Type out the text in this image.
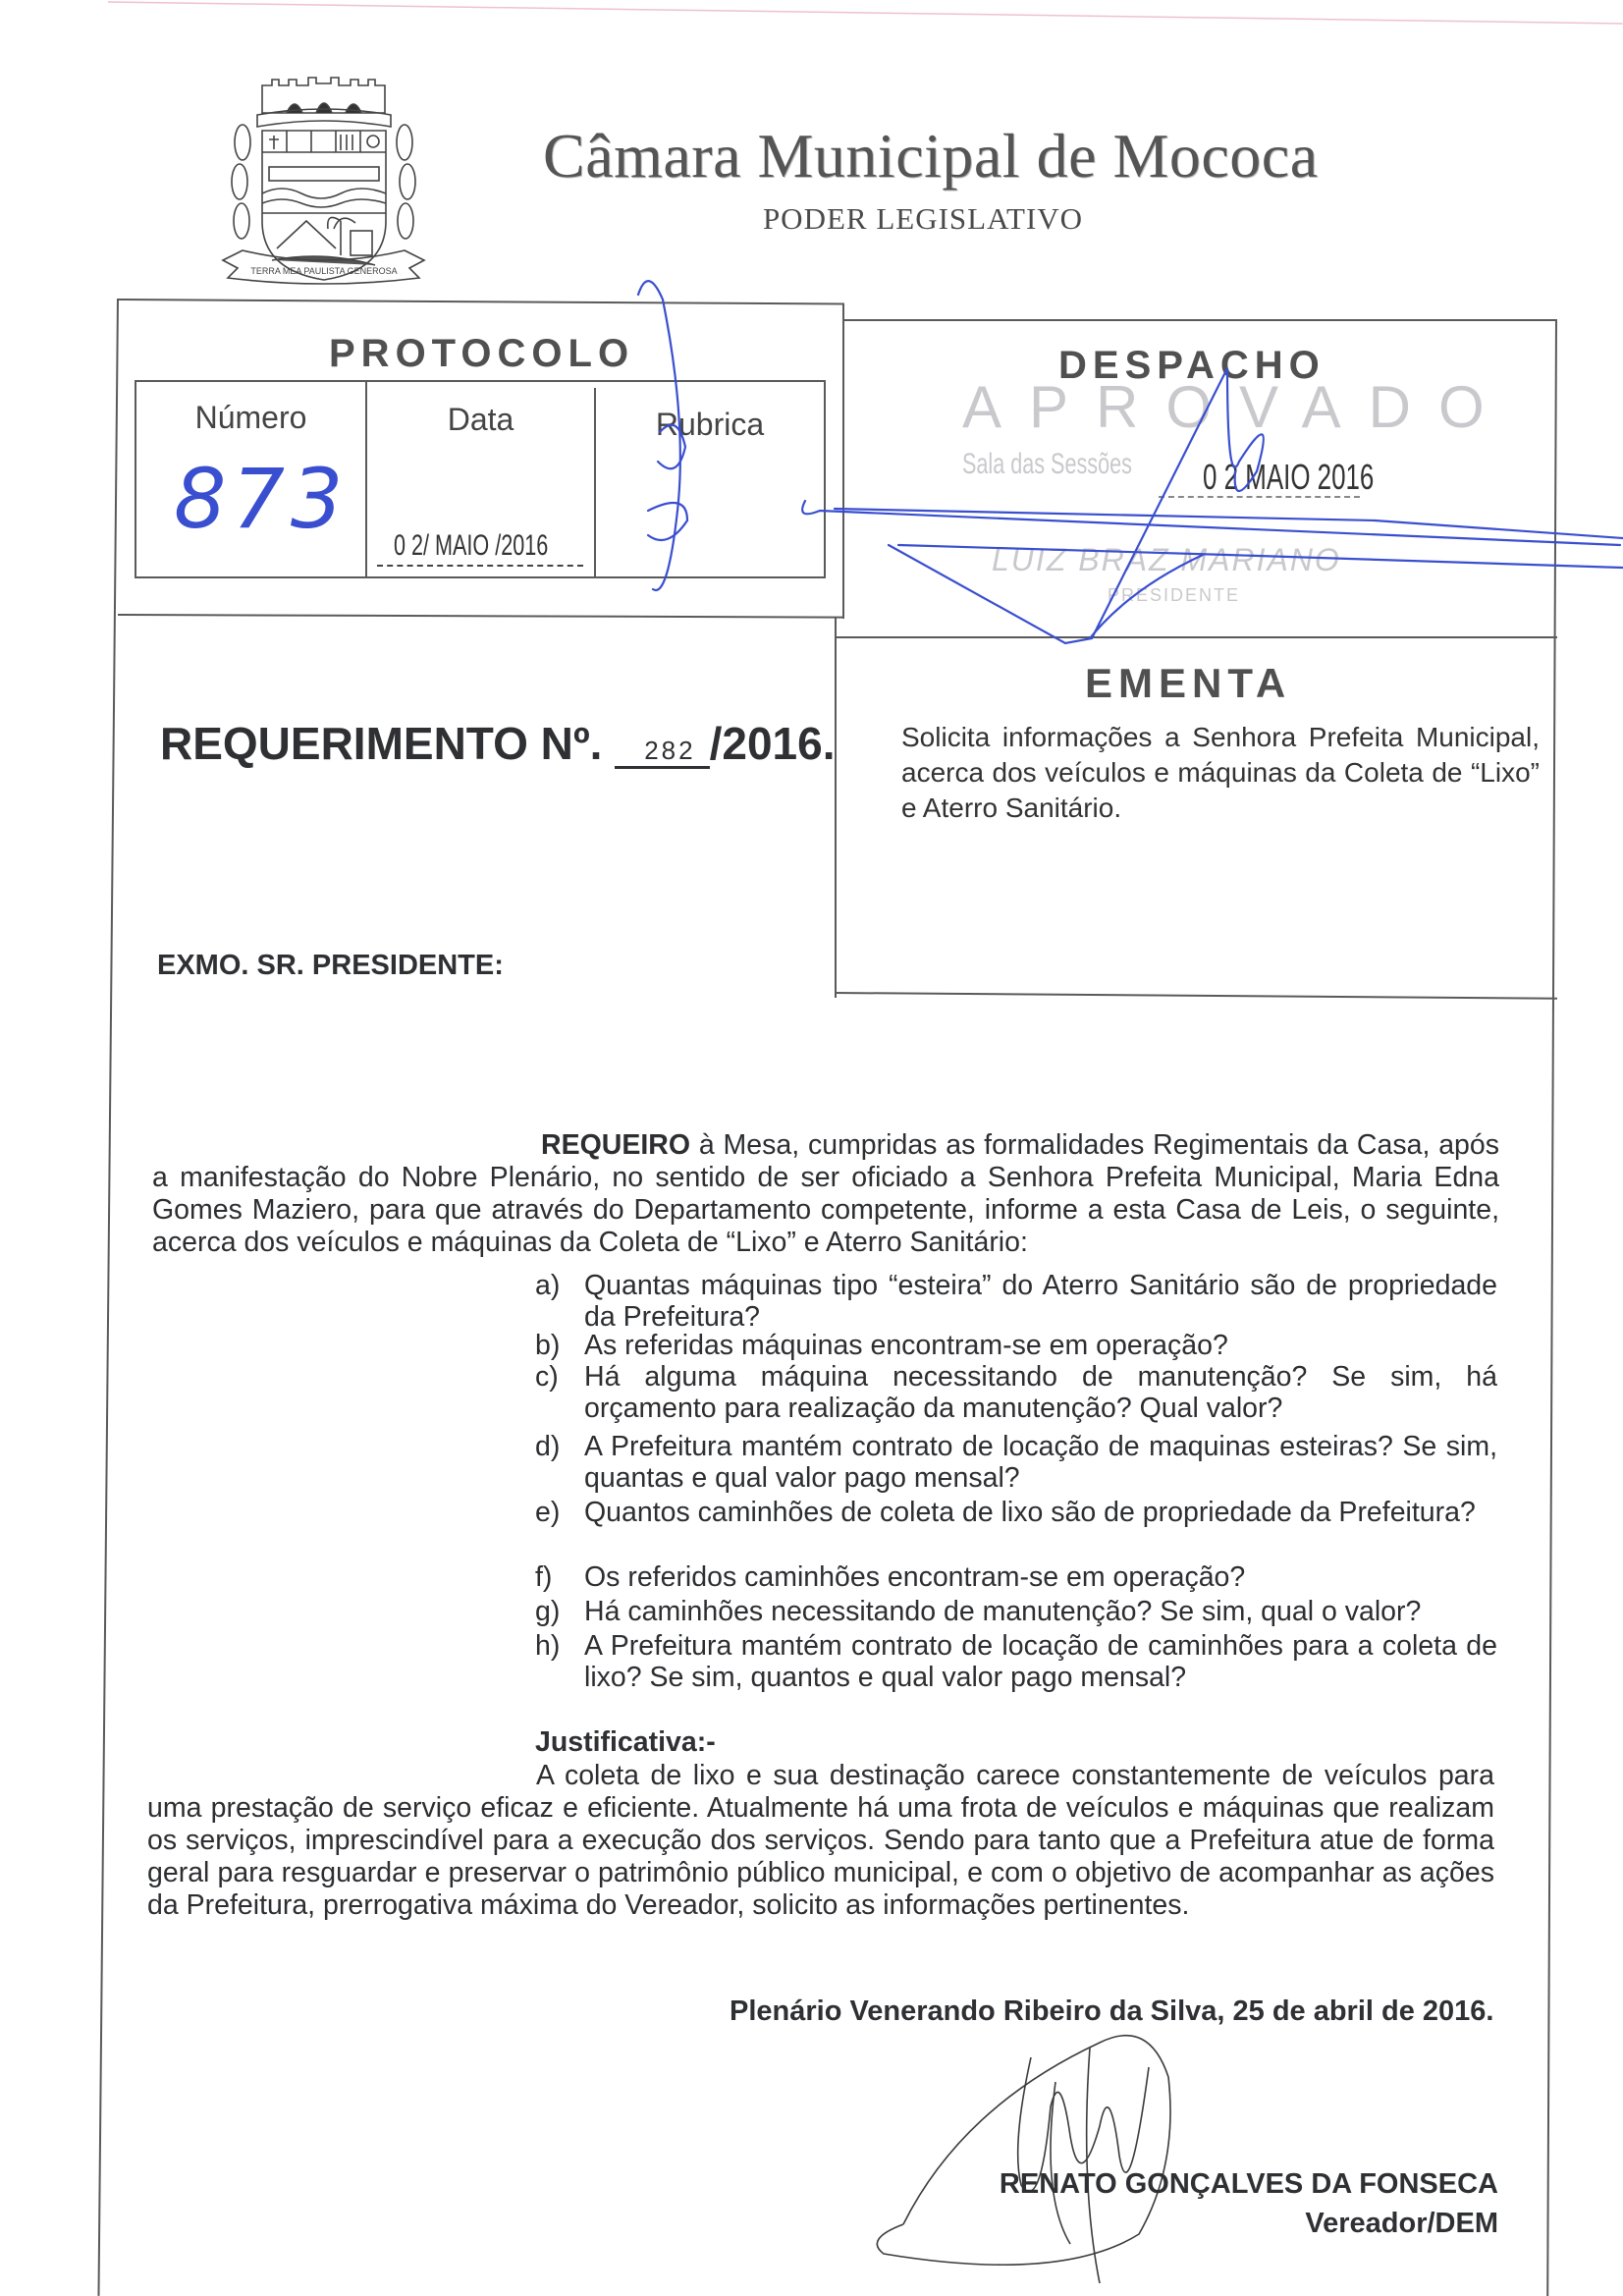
TERRA MEA PAULISTA GENEROSA
Câmara Municipal de Mococa
PODER LEGISLATIVO
PROTOCOLO
Número	Data	Rubrica
873 0 2/ MAIO /2016
DESPACHO
APROVADO
Sala das Sessões 0 2 MAIO 2016
LUIZ BRAZ MARIANO
PRESIDENTE
REQUERIMENTO Nº. 282 /2016.
EMENTA
Solicita informações a Senhora Prefeita Municipal, acerca dos veículos e máquinas da Coleta de “Lixo” e Aterro Sanitário.
EXMO. SR. PRESIDENTE:
REQUEIRO à Mesa, cumpridas as formalidades Regimentais da Casa, após a manifestação do Nobre Plenário, no sentido de ser oficiado a Senhora Prefeita Municipal, Maria Edna Gomes Maziero, para que através do Departamento competente, informe a esta Casa de Leis, o seguinte, acerca dos veículos e máquinas da Coleta de “Lixo” e Aterro Sanitário:
a) Quantas máquinas tipo “esteira” do Aterro Sanitário são de propriedade da Prefeitura?
b) As referidas máquinas encontram-se em operação?
c) Há alguma máquina necessitando de manutenção? Se sim, há orçamento para realização da manutenção? Qual valor?
d) A Prefeitura mantém contrato de locação de maquinas esteiras? Se sim, quantas e qual valor pago mensal?
e) Quantos caminhões de coleta de lixo são de propriedade da Prefeitura?
f) Os referidos caminhões encontram-se em operação?
g) Há caminhões necessitando de manutenção? Se sim, qual o valor?
h) A Prefeitura mantém contrato de locação de caminhões para a coleta de lixo? Se sim, quantos e qual valor pago mensal?
Justificativa:-
A coleta de lixo e sua destinação carece constantemente de veículos para uma prestação de serviço eficaz e eficiente. Atualmente há uma frota de veículos e máquinas que realizam os serviços, imprescindível para a execução dos serviços. Sendo para tanto que a Prefeitura atue de forma geral para resguardar e preservar o patrimônio público municipal, e com o objetivo de acompanhar as ações da Prefeitura, prerrogativa máxima do Vereador, solicito as informações pertinentes.
Plenário Venerando Ribeiro da Silva, 25 de abril de 2016.
RENATO GONÇALVES DA FONSECA
Vereador/DEM
